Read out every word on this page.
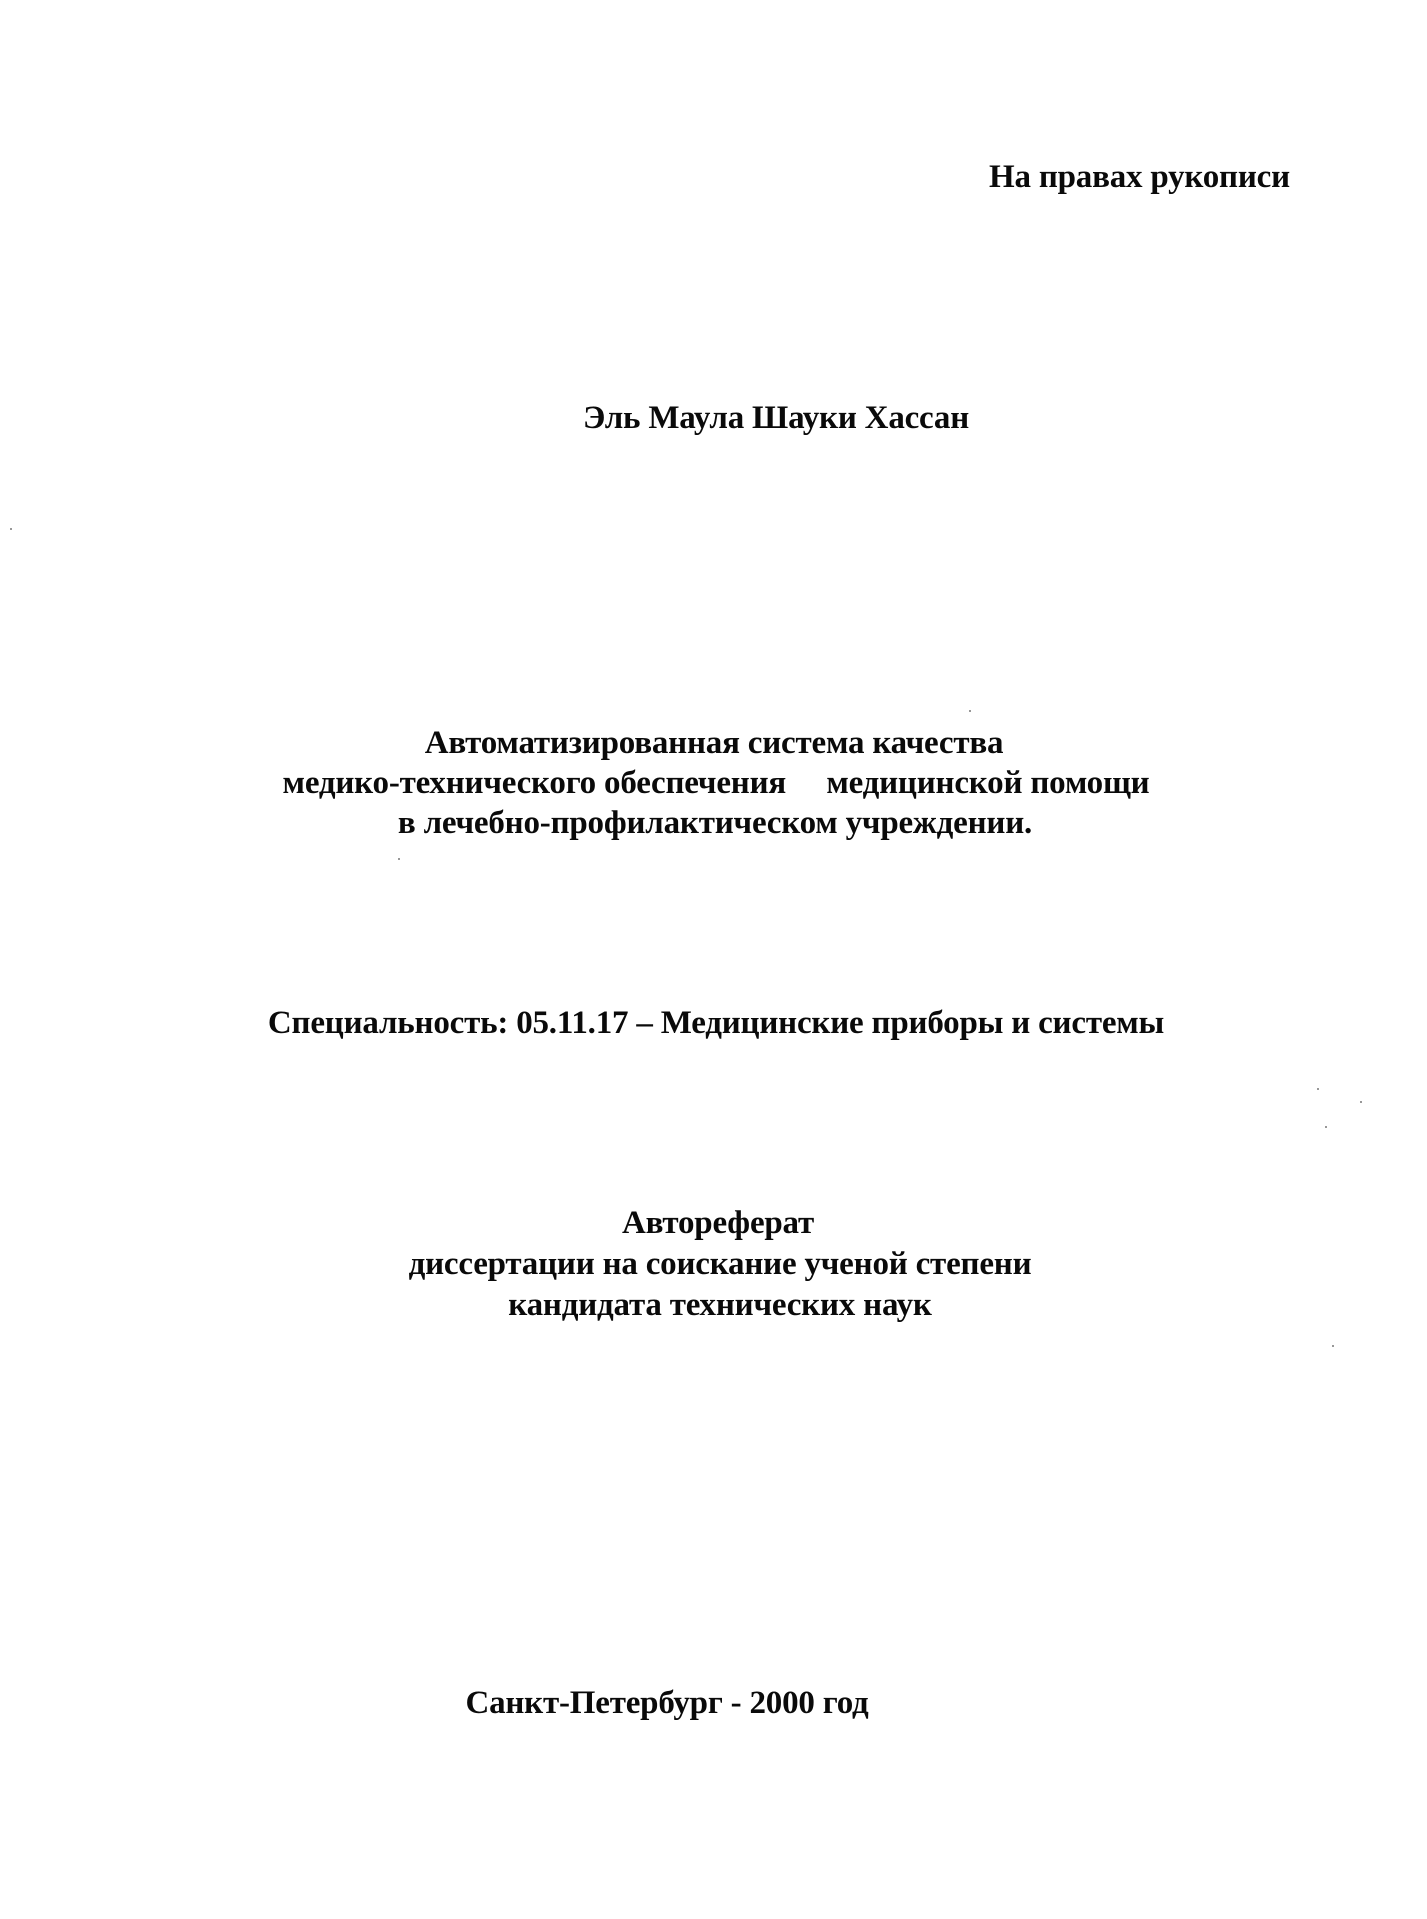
На правах рукописи
Эль Маула Шауки Хассан
Автоматизированная система качества
медико-технического обеспечения     медицинской помощи
в лечебно-профилактическом учреждении.
Специальность: 05.11.17 – Медицинские приборы и системы
Автореферат
диссертации на соискание ученой степени
кандидата технических наук
Санкт-Петербург - 2000 год
